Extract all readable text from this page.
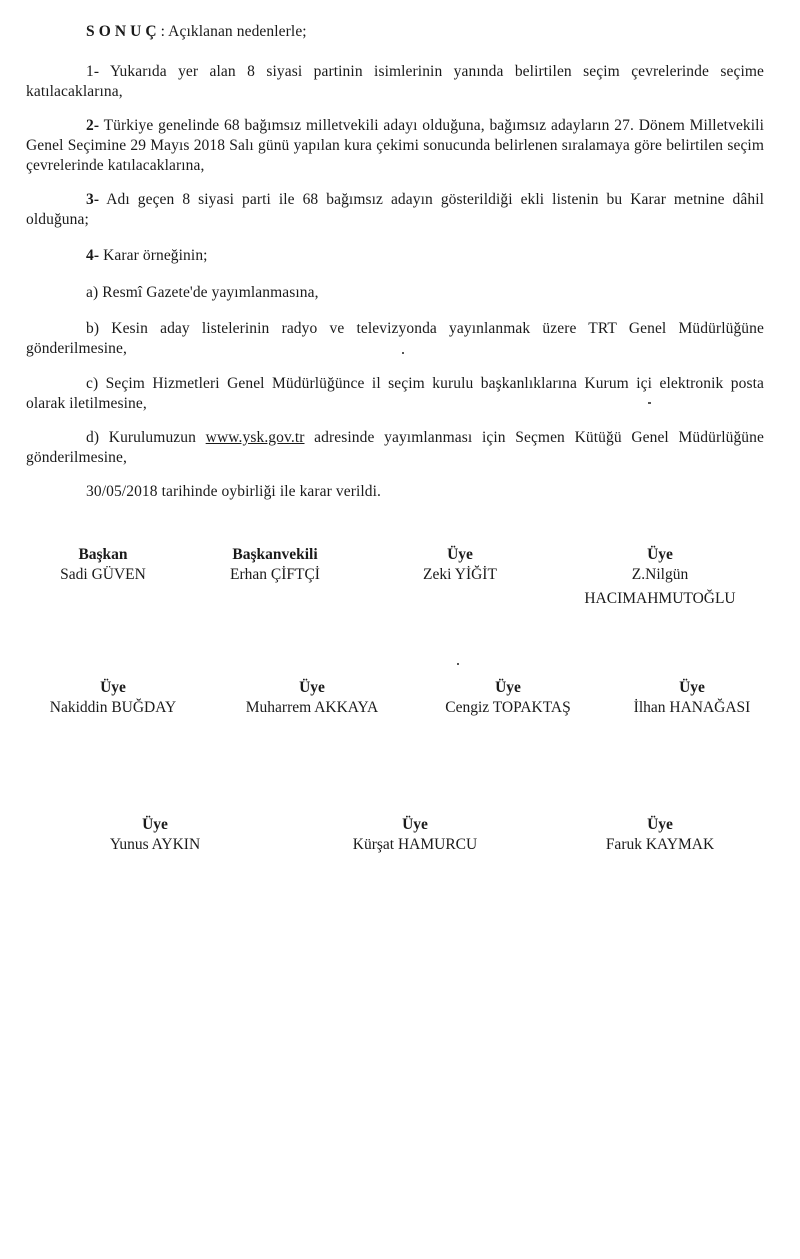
S O N U Ç : Açıklanan nedenlerle;
1- Yukarıda yer alan 8 siyasi partinin isimlerinin yanında belirtilen seçim çevrelerinde seçime katılacaklarına,
2- Türkiye genelinde 68 bağımsız milletvekili adayı olduğuna, bağımsız adayların 27. Dönem Milletvekili Genel Seçimine 29 Mayıs 2018 Salı günü yapılan kura çekimi sonucunda belirlenen sıralamaya göre belirtilen seçim çevrelerinde katılacaklarına,
3- Adı geçen 8 siyasi parti ile 68 bağımsız adayın gösterildiği ekli listenin bu Karar metnine dâhil olduğuna;
4- Karar örneğinin;
a) Resmî Gazete'de yayımlanmasına,
b) Kesin aday listelerinin radyo ve televizyonda yayınlanmak üzere TRT Genel Müdürlüğüne gönderilmesine,
c) Seçim Hizmetleri Genel Müdürlüğünce il seçim kurulu başkanlıklarına Kurum içi elektronik posta olarak iletilmesine,
d) Kurulumuzun www.ysk.gov.tr adresinde yayımlanması için Seçmen Kütüğü Genel Müdürlüğüne gönderilmesine,
30/05/2018 tarihinde oybirliği ile karar verildi.
Başkan
Sadi GÜVEN
Başkanvekili
Erhan ÇİFTÇİ
Üye
Zeki YİĞİT
Üye
Z.Nilgün
HACIMAHMUTOĞLU
Üye
Nakiddin BUĞDAY
Üye
Muharrem AKKAYA
Üye
Cengiz TOPAKTAŞ
Üye
İlhan HANAĞASI
Üye
Yunus AYKIN
Üye
Kürşat HAMURCU
Üye
Faruk KAYMAK
